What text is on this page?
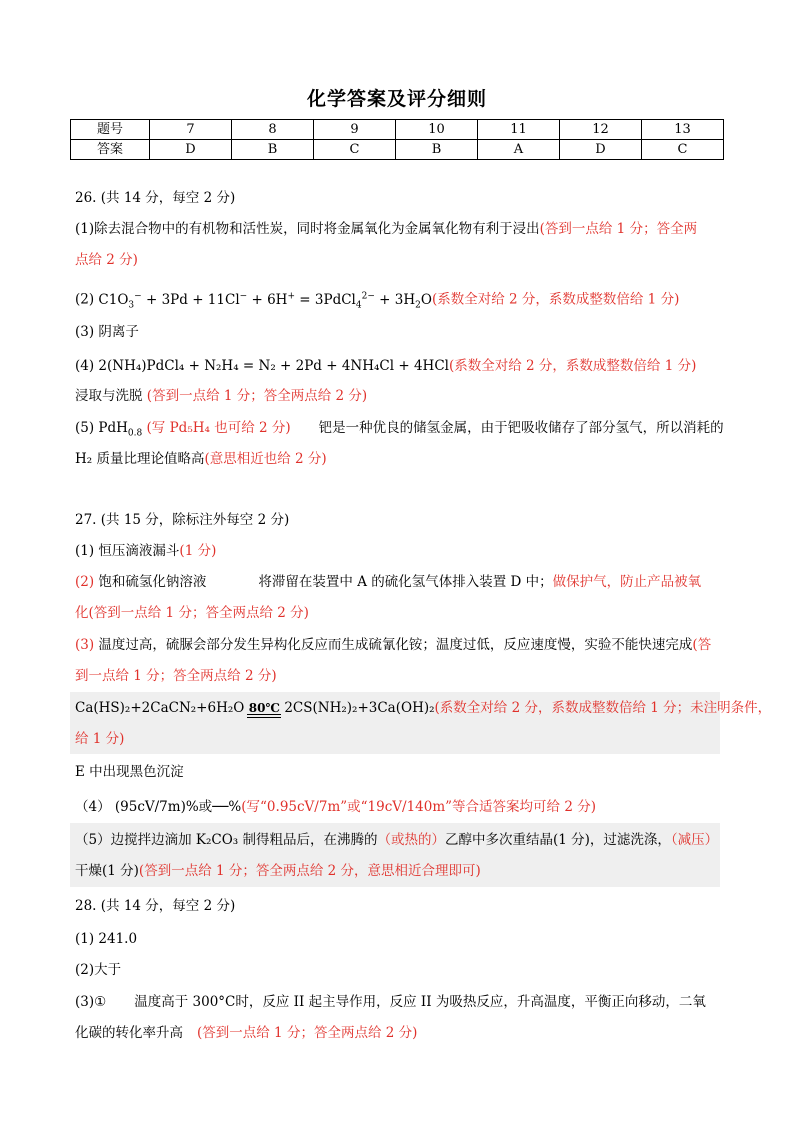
化学答案及评分细则
题号	7	8	9	10	11	12	13
答案	D	B	C	B	A	D	C
26. (共 14 分，每空 2 分)
(1)除去混合物中的有机物和活性炭，同时将金属氧化为金属氧化物有利于浸出(答到一点给 1 分；答全两
点给 2 分)
(2) $C1O_3^- + 3Pd + 11Cl^- + 6H^+$ = 3PdCl$_4^{2-}$ + $3H_2O$(系数全对给 2 分，系数成整数倍给 1 分)
(3) 阴离子
(4) 2(NH₄)PdCl₄ + N₂H₄ = N₂ + 2Pd + 4NH₄Cl + 4HCl(系数全对给 2 分，系数成整数倍给 1 分)
浸取与洗脱 (答到一点给 1 分；答全两点给 2 分)
(5) PdH$_{0.8}$ (写 Pd₅H₄ 也可给 2 分) 钯是一种优良的储氢金属，由于钯吸收储存了部分氢气，所以消耗的
H₂ 质量比理论值略高(意思相近也给 2 分)
27. (共 15 分，除标注外每空 2 分)
(1) 恒压滴液漏斗(1 分)
(2) 饱和硫氢化钠溶液	将滞留在装置中 A 的硫化氢气体排入装置 D 中；做保护气，防止产品被氧
化(答到一点给 1 分；答全两点给 2 分)
(3) 温度过高，硫脲会部分发生异构化反应而生成硫氰化铵；温度过低，反应速度慢，实验不能快速完成(答
到一点给 1 分；答全两点给 2 分)
Ca(HS)₂+2CaCN₂+6H₂O 80℃ 2CS(NH₂)₂+3Ca(OH)₂(系数全对给 2 分，系数成整数倍给 1 分；未注明条件，
给 1 分)
E 中出现黑色沉淀
（4） (95cV/7m)%或──%(写“0.95cV/7m”或“19cV/140m”等合适答案均可给 2 分)
（5）边搅拌边滴加 K₂CO₃ 制得粗品后，在沸腾的（或热的）乙醇中多次重结晶(1 分)，过滤洗涤，（减压）
干燥(1 分)(答到一点给 1 分；答全两点给 2 分，意思相近合理即可)
28. (共 14 分，每空 2 分)
(1) 241.0
(2)大于
(3)① 温度高于 300°C时，反应 II 起主导作用，反应 II 为吸热反应，升高温度，平衡正向移动，二氧
化碳的转化率升高 (答到一点给 1 分；答全两点给 2 分)
